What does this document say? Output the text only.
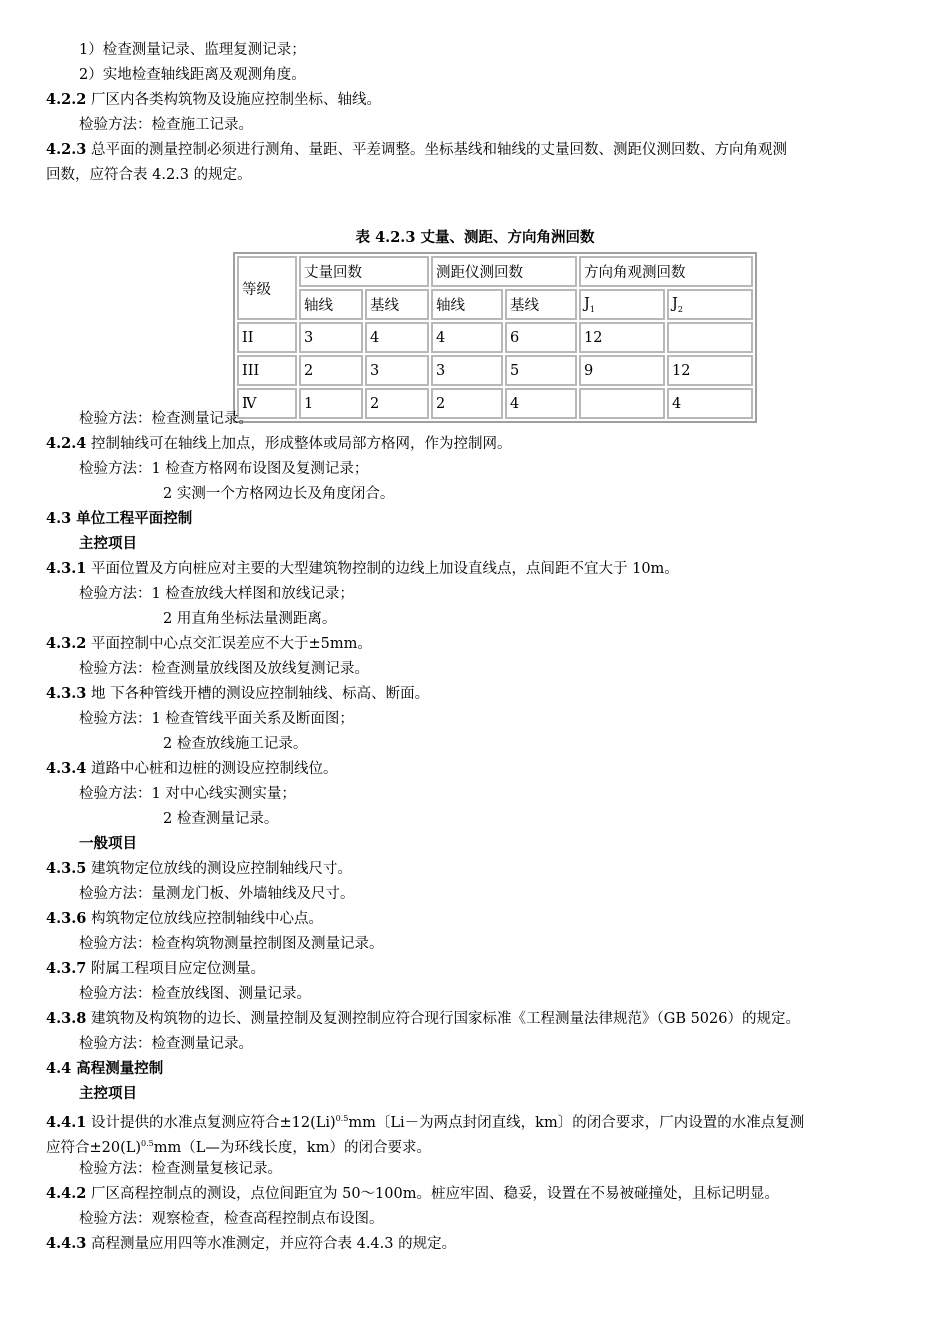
1）检查测量记录、监理复测记录；
2）实地检查轴线距离及观测角度。
4.2.2 厂区内各类构筑物及设施应控制坐标、轴线。
检验方法：检查施工记录。
4.2.3 总平面的测量控制必须进行测角、量距、平差调整。坐标基线和轴线的丈量回数、测距仪测回数、方向角观测
回数，应符合表 4.2.3 的规定。
表 4.2.3 丈量、测距、方向角洲回数
等级	丈量回数		测距仪测回数		方向角观测回数	
	轴线	基线	轴线	基线	$J_1$	$J_2$
II	3	4	4	6	12	
III	2	3	3	5	9	12
Ⅳ	1	2	2	4		4
检验方法：检查测量记录。
4.2.4 控制轴线可在轴线上加点，形成整体或局部方格网，作为控制网。
检验方法：1 检查方格网布设图及复测记录；
2 实测一个方格网边长及角度闭合。
4.3 单位工程平面控制
主控项目
4.3.1 平面位置及方向桩应对主要的大型建筑物控制的边线上加设直线点，点间距不宜大于 10m。
检验方法：1 检查放线大样图和放线记录；
2 用直角坐标法量测距离。
4.3.2 平面控制中心点交汇误差应不大于±5mm。
检验方法：检查测量放线图及放线复测记录。
4.3.3 地 下各种管线开槽的测设应控制轴线、标高、断面。
检验方法：1 检查管线平面关系及断面图；
2 检查放线施工记录。
4.3.4 道路中心桩和边桩的测设应控制线位。
检验方法：1 对中心线实测实量；
2 检查测量记录。
一般项目
4.3.5 建筑物定位放线的测设应控制轴线尺寸。
检验方法：量测龙门板、外墙轴线及尺寸。
4.3.6 构筑物定位放线应控制轴线中心点。
检验方法：检查构筑物测量控制图及测量记录。
4.3.7 附属工程项目应定位测量。
检验方法：检查放线图、测量记录。
4.3.8 建筑物及构筑物的边长、测量控制及复测控制应符合现行国家标准《工程测量法律规范》（GB 5026）的规定。
检验方法：检查测量记录。
4.4 高程测量控制
主控项目
4.4.1 设计提供的水准点复测应符合$\pm 12(Li)^{0.5}mm$〔Li－为两点封闭直线，km〕的闭合要求，厂内设置的水准点复测
应符合$\pm 20(L)^{0.5}mm(L—$为环线长度，km）的闭合要求。
检验方法：检查测量复核记录。
4.4.2 厂区高程控制点的测设，点位间距宜为 50～100m。桩应牢固、稳妥，设置在不易被碰撞处，且标记明显。
检验方法：观察检查，检查高程控制点布设图。
4.4.3 高程测量应用四等水准测定，并应符合表 4.4.3 的规定。
